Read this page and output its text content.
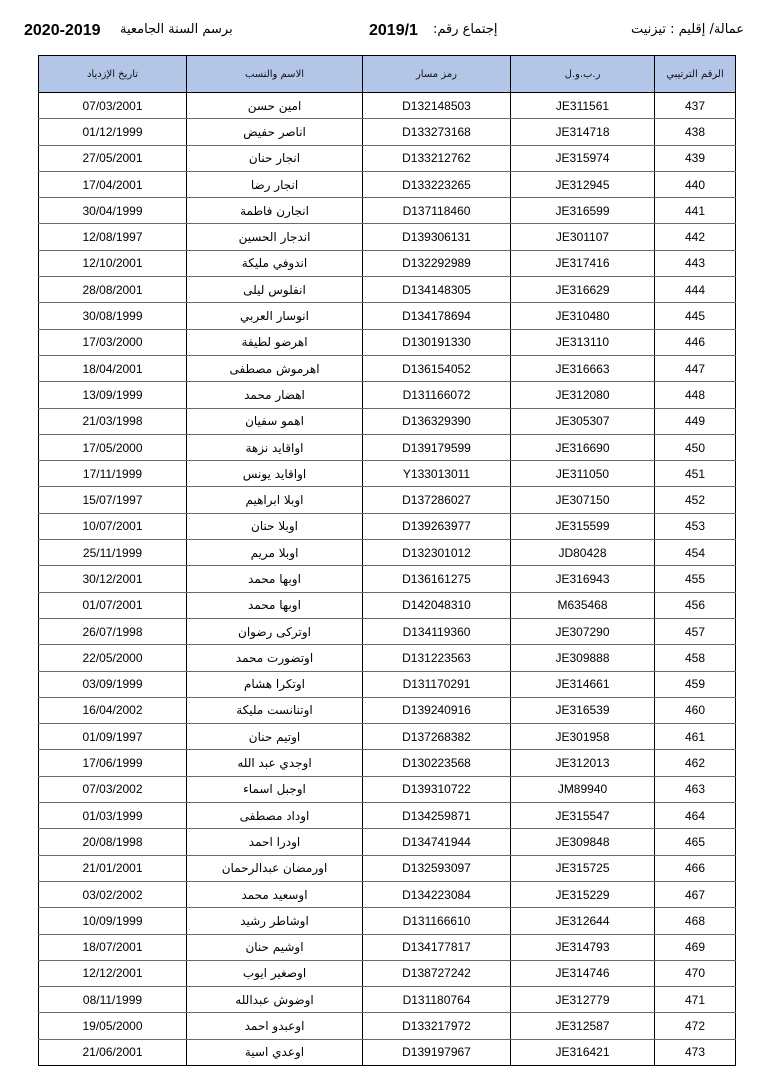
2020-2019 برسم السنة الجامعية	2019/1 إجتماع رقم:	عمالة/ إقليم : تيزنيت
تاريخ الإزدياد	الاسم والنسب	رمز مسار	ر.ب.و.ل	الرقم الترتيبي
07/03/2001	امين حسن	D132148503	JE311561	437
01/12/1999	اناصر حفيض	D133273168	JE314718	438
27/05/2001	انجار حنان	D133212762	JE315974	439
17/04/2001	انجار رضا	D133223265	JE312945	440
30/04/1999	انجارن فاطمة	D137118460	JE316599	441
12/08/1997	اندجار الحسين	D139306131	JE301107	442
12/10/2001	اندوفي مليكة	D132292989	JE317416	443
28/08/2001	انفلوس ليلى	D134148305	JE316629	444
30/08/1999	انوسار العربي	D134178694	JE310480	445
17/03/2000	اهرضو لطيفة	D130191330	JE313110	446
18/04/2001	اهرموش مصطفى	D136154052	JE316663	447
13/09/1999	اهضار محمد	D131166072	JE312080	448
21/03/1998	اهمو سفيان	D136329390	JE305307	449
17/05/2000	اواقايد نزهة	D139179599	JE316690	450
17/11/1999	اواقايد يونس	Y133013011	JE311050	451
15/07/1997	اوبلا ابراهيم	D137286027	JE307150	452
10/07/2001	اوبلا حنان	D139263977	JE315599	453
25/11/1999	اوبلا مريم	D132301012	JD80428	454
30/12/2001	اوبها محمد	D136161275	JE316943	455
01/07/2001	اوبها محمد	D142048310	M635468	456
26/07/1998	اوترکی رضوان	D134119360	JE307290	457
22/05/2000	اوتضورت محمد	D131223563	JE309888	458
03/09/1999	اوتكرا هشام	D131170291	JE314661	459
16/04/2002	اوتنانست مليكة	D139240916	JE316539	460
01/09/1997	اوتيم حنان	D137268382	JE301958	461
17/06/1999	اوجدي عبد الله	D130223568	JE312013	462
07/03/2002	اوجبل اسماء	D139310722	JM89940	463
01/03/1999	اوداد مصطفى	D134259871	JE315547	464
20/08/1998	اودرا احمد	D134741944	JE309848	465
21/01/2001	اورمضان عبدالرحمان	D132593097	JE315725	466
03/02/2002	اوسعيد محمد	D134223084	JE315229	467
10/09/1999	اوشاطر رشيد	D131166610	JE312644	468
18/07/2001	اوشيم حنان	D134177817	JE314793	469
12/12/2001	اوصغير ايوب	D138727242	JE314746	470
08/11/1999	اوضوش عبدالله	D131180764	JE312779	471
19/05/2000	اوعبدو احمد	D133217972	JE312587	472
21/06/2001	اوعدي اسية	D139197967	JE316421	473
